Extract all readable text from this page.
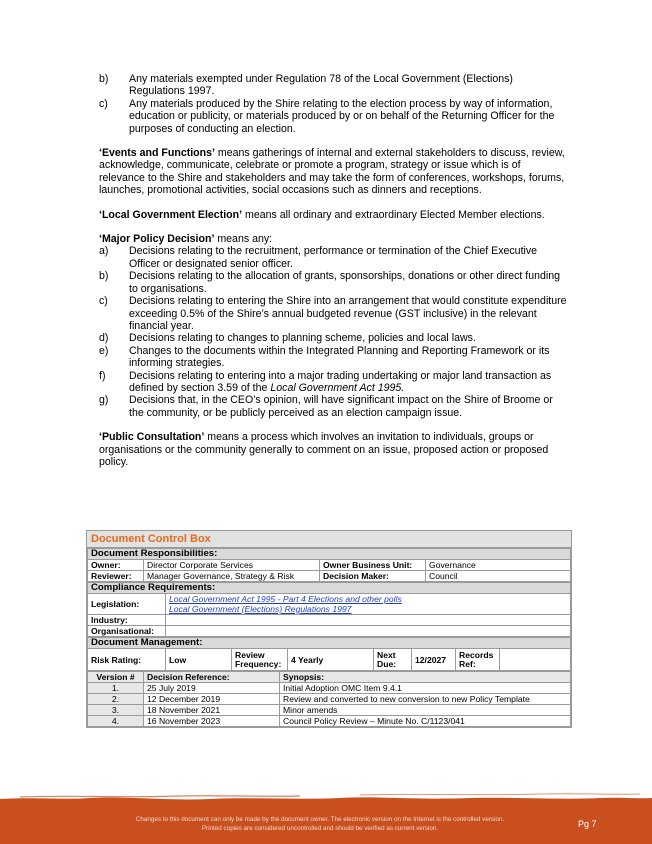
b)	Any materials exempted under Regulation 78 of the Local Government (Elections) Regulations 1997.
c)	Any materials produced by the Shire relating to the election process by way of information, education or publicity, or materials produced by or on behalf of the Returning Officer for the purposes of conducting an election.
‘Events and Functions’ means gatherings of internal and external stakeholders to discuss, review, acknowledge, communicate, celebrate or promote a program, strategy or issue which is of relevance to the Shire and stakeholders and may take the form of conferences, workshops, forums, launches, promotional activities, social occasions such as dinners and receptions.
‘Local Government Election’ means all ordinary and extraordinary Elected Member elections.
‘Major Policy Decision’ means any:
a)	Decisions relating to the recruitment, performance or termination of the Chief Executive Officer or designated senior officer.
b)	Decisions relating to the allocation of grants, sponsorships, donations or other direct funding to organisations.
c)	Decisions relating to entering the Shire into an arrangement that would constitute expenditure exceeding 0.5% of the Shire’s annual budgeted revenue (GST inclusive) in the relevant financial year.
d)	Decisions relating to changes to planning scheme, policies and local laws.
e)	Changes to the documents within the Integrated Planning and Reporting Framework or its informing strategies.
f)	Decisions relating to entering into a major trading undertaking or major land transaction as defined by section 3.59 of the Local Government Act 1995.
g)	Decisions that, in the CEO’s opinion, will have significant impact on the Shire of Broome or the community, or be publicly perceived as an election campaign issue.
‘Public Consultation’ means a process which involves an invitation to individuals, groups or organisations or the community generally to comment on an issue, proposed action or proposed policy.
Document Control Box
Document Responsibilities:			
Owner:	Director Corporate Services	Owner Business Unit:	Governance
Reviewer:	Manager Governance, Strategy & Risk	Decision Maker:	Council
Compliance Requirements:	
Legislation:	Local Government Act 1995 - Part 4 Elections and other polls
Local Government (Elections) Regulations 1997

Industry:	
Organisational:	
Document Management:
Risk Rating:	Low	Review Frequency:	4 Yearly	Next Due:	12/2027	Records Ref:	
Version #	Decision Reference:	Synopsis:
1.	25 July 2019	Initial Adoption OMC Item 9.4.1
2.	12 December 2019	Review and converted to new conversion to new Policy Template
3.	18 November 2021	Minor amends
4.	16 November 2023	Council Policy Review – Minute No. C/1123/041
Changes to this document can only be made by the document owner. The electronic version on the Internet is the controlled version.
Printed copies are considered uncontrolled and should be verified as current version.	Pg 7
